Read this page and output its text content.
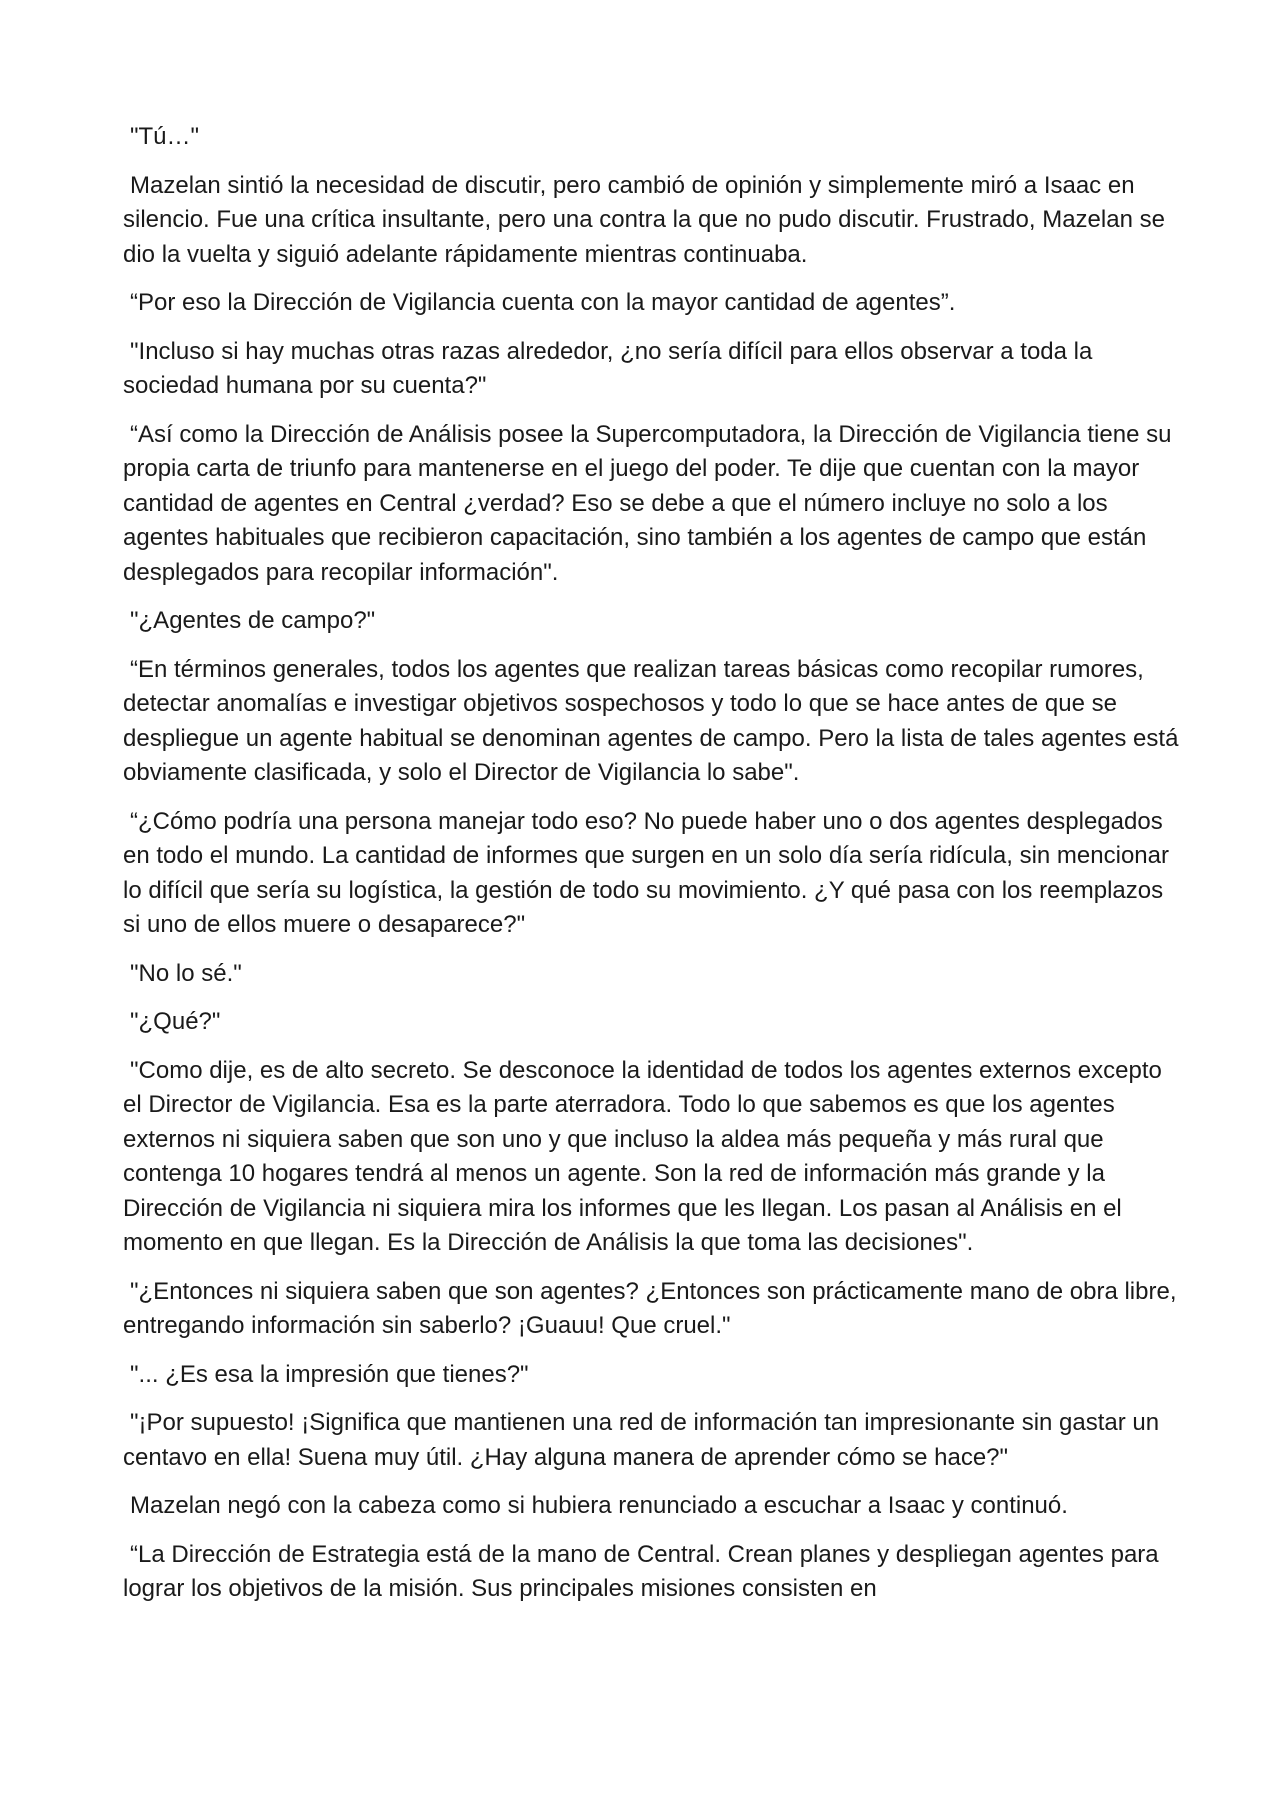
"Tú…"

Mazelan sintió la necesidad de discutir, pero cambió de opinión y simplemente miró a Isaac en silencio. Fue una crítica insultante, pero una contra la que no pudo discutir. Frustrado, Mazelan se dio la vuelta y siguió adelante rápidamente mientras continuaba.

“Por eso la Dirección de Vigilancia cuenta con la mayor cantidad de agentes”.

"Incluso si hay muchas otras razas alrededor, ¿no sería difícil para ellos observar a toda la sociedad humana por su cuenta?"

“Así como la Dirección de Análisis posee la Supercomputadora, la Dirección de Vigilancia tiene su propia carta de triunfo para mantenerse en el juego del poder. Te dije que cuentan con la mayor cantidad de agentes en Central ¿verdad? Eso se debe a que el número incluye no solo a los agentes habituales que recibieron capacitación, sino también a los agentes de campo que están desplegados para recopilar información".

"¿Agentes de campo?"

“En términos generales, todos los agentes que realizan tareas básicas como recopilar rumores, detectar anomalías e investigar objetivos sospechosos y todo lo que se hace antes de que se despliegue un agente habitual se denominan agentes de campo. Pero la lista de tales agentes está obviamente clasificada, y solo el Director de Vigilancia lo sabe".

“¿Cómo podría una persona manejar todo eso? No puede haber uno o dos agentes desplegados en todo el mundo. La cantidad de informes que surgen en un solo día sería ridícula, sin mencionar lo difícil que sería su logística, la gestión de todo su movimiento. ¿Y qué pasa con los reemplazos si uno de ellos muere o desaparece?"

"No lo sé."

"¿Qué?"

"Como dije, es de alto secreto. Se desconoce la identidad de todos los agentes externos excepto el Director de Vigilancia. Esa es la parte aterradora. Todo lo que sabemos es que los agentes externos ni siquiera saben que son uno y que incluso la aldea más pequeña y más rural que contenga 10 hogares tendrá al menos un agente. Son la red de información más grande y la Dirección de Vigilancia ni siquiera mira los informes que les llegan. Los pasan al Análisis en el momento en que llegan. Es la Dirección de Análisis la que toma las decisiones".

"¿Entonces ni siquiera saben que son agentes? ¿Entonces son prácticamente mano de obra libre, entregando información sin saberlo? ¡Guauu! Que cruel."

"... ¿Es esa la impresión que tienes?"

"¡Por supuesto! ¡Significa que mantienen una red de información tan impresionante sin gastar un centavo en ella! Suena muy útil. ¿Hay alguna manera de aprender cómo se hace?"

Mazelan negó con la cabeza como si hubiera renunciado a escuchar a Isaac y continuó.

“La Dirección de Estrategia está de la mano de Central. Crean planes y despliegan agentes para lograr los objetivos de la misión. Sus principales misiones consisten en
